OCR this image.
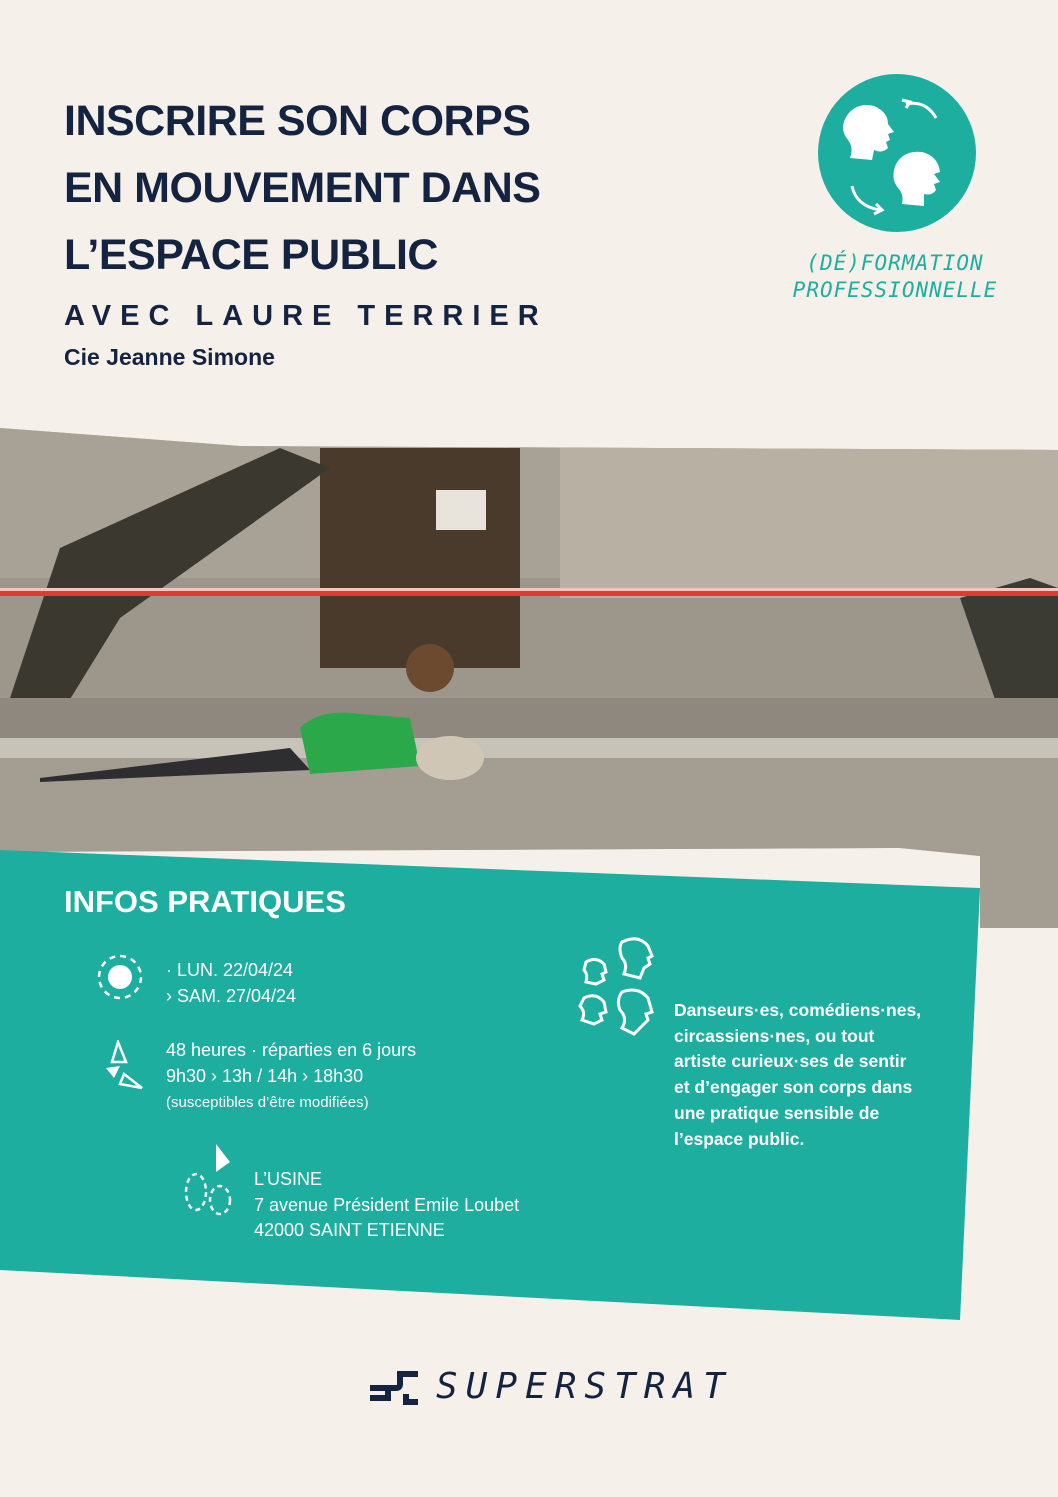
INSCRIRE SON CORPS
EN MOUVEMENT DANS
L’ESPACE PUBLIC
AVEC LAURE TERRIER
Cie Jeanne Simone
(DÉ)FORMATION
PROFESSIONNELLE
INFOS PRATIQUES
· LUN. 22/04/24
› SAM. 27/04/24
48 heures · réparties en 6 jours
9h30 › 13h / 14h › 18h30
(susceptibles d’être modifiées)
L’USINE
7 avenue Président Emile Loubet
42000 SAINT ETIENNE
Danseurs·es, comédiens·nes, circassiens·nes, ou tout artiste curieux·ses de sentir et d’engager son corps dans une pratique sensible de l’espace public.
SUPERSTRAT
